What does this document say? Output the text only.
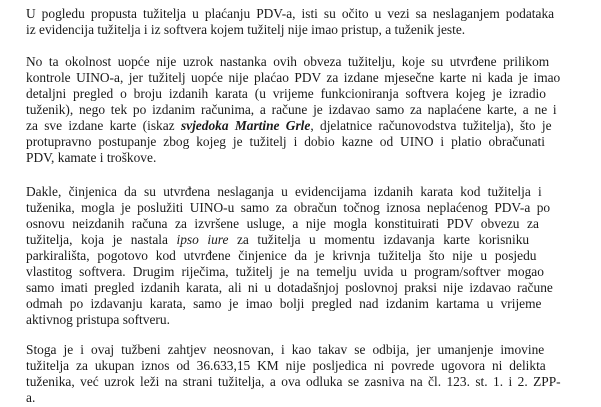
U pogledu propusta tužitelja u plaćanju PDV-a, isti su očito u vezi sa neslaganjem podataka
iz evidencija tužitelja i iz softvera kojem tužitelj nije imao pristup, a tuženik jeste.
No ta okolnost uopće nije uzrok nastanka ovih obveza tužitelju, koje su utvrđene prilikom
kontrole UINO-a, jer tužitelj uopće nije plaćao PDV za izdane mjesečne karte ni kada je imao
detaljni pregled o broju izdanih karata (u vrijeme funkcioniranja softvera kojeg je izradio
tuženik), nego tek po izdanim računima, a račune je izdavao samo za naplaćene karte, a ne i
za sve izdane karte (iskaz svjedoka Martine Grle, djelatnice računovodstva tužitelja), što je
protupravno postupanje zbog kojeg je tužitelj i dobio kazne od UINO i platio obračunati
PDV, kamate i troškove.
Dakle, činjenica da su utvrđena neslaganja u evidencijama izdanih karata kod tužitelja i
tuženika, mogla je poslužiti UINO-u samo za obračun točnog iznosa neplaćenog PDV-a po
osnovu neizdanih računa za izvršene usluge, a nije mogla konstituirati PDV obvezu za
tužitelja, koja je nastala ipso iure za tužitelja u momentu izdavanja karte korisniku
parkirališta, pogotovo kod utvrđene činjenice da je krivnja tužitelja što nije u posjedu
vlastitog softvera. Drugim riječima, tužitelj je na temelju uvida u program/softver mogao
samo imati pregled izdanih karata, ali ni u dotadašnjoj poslovnoj praksi nije izdavao račune
odmah po izdavanju karata, samo je imao bolji pregled nad izdanim kartama u vrijeme
aktivnog pristupa softveru.
Stoga je i ovaj tužbeni zahtjev neosnovan, i kao takav se odbija, jer umanjenje imovine
tužitelja za ukupan iznos od 36.633,15 KM nije posljedica ni povrede ugovora ni delikta
tuženika, već uzrok leži na strani tužitelja, a ova odluka se zasniva na čl. 123. st. 1. i 2. ZPP-
a.
